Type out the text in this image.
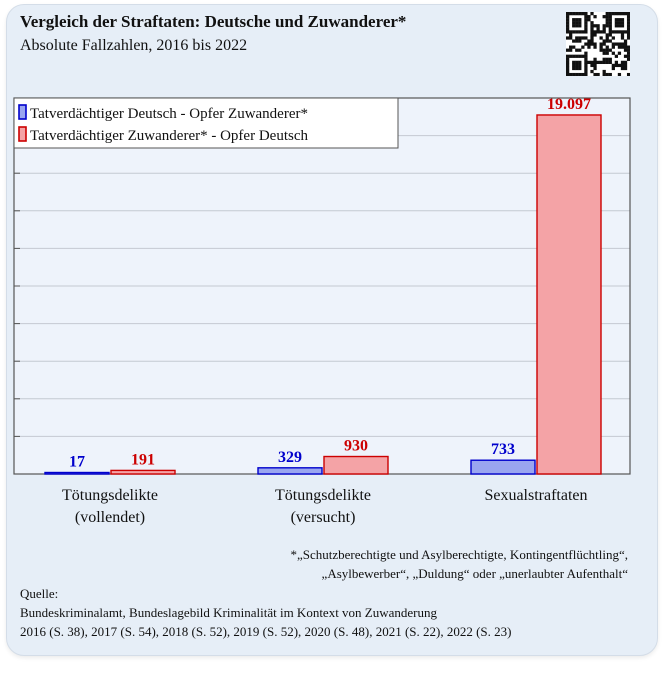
Vergleich der Straftaten: Deutsche und Zuwanderer*

Absolute Fallzahlen, 2016 bis 2022

17	329	733
191
930
19.097
Tötungsdelikte
(vollendet)
Tötungsdelikte
(versucht)
Sexualstraftaten
Tatverdächtiger Deutsch - Opfer Zuwanderer*
Tatverdächtiger Zuwanderer* - Opfer Deutsch
*„Schutzberechtigte und Asylberechtigte, Kontingentflüchtling“,
„Asylbewerber“, „Duldung“ oder „unerlaubter Aufenthalt“
Quelle:
Bundeskriminalamt, Bundeslagebild Kriminalität im Kontext von Zuwanderung
2016 (S. 38), 2017 (S. 54), 2018 (S. 52), 2019 (S. 52), 2020 (S. 48), 2021 (S. 22), 2022 (S. 23)
